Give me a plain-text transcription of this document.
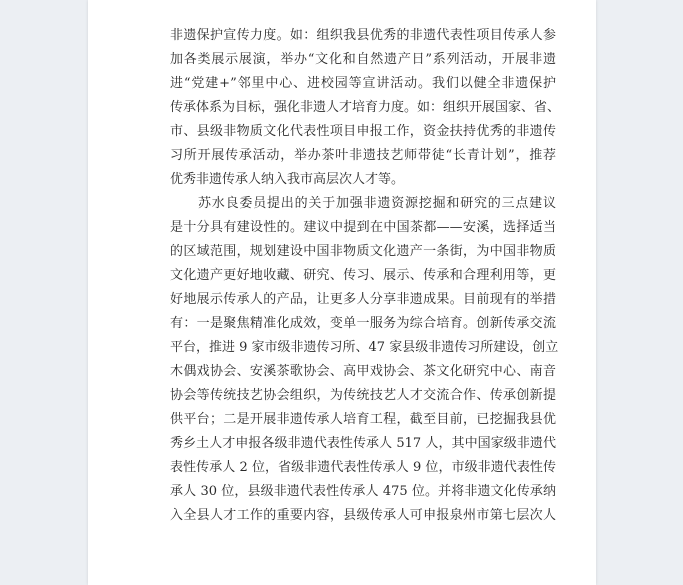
非遗保护宣传力度。如：组织我县优秀的非遗代表性项目传承人参
加各类展示展演，举办“文化和自然遗产日”系列活动，开展非遗
进“党建+”邻里中心、进校园等宣讲活动。我们以健全非遗保护
传承体系为目标，强化非遗人才培育力度。如：组织开展国家、省、
市、县级非物质文化代表性项目申报工作，资金扶持优秀的非遗传
习所开展传承活动，举办茶叶非遗技艺师带徒“长青计划”，推荐
优秀非遗传承人纳入我市高层次人才等。
苏水良委员提出的关于加强非遗资源挖掘和研究的三点建议
是十分具有建设性的。建议中提到在中国茶都——安溪，选择适当
的区域范围，规划建设中国非物质文化遗产一条街，为中国非物质
文化遗产更好地收藏、研究、传习、展示、传承和合理利用等，更
好地展示传承人的产品，让更多人分享非遗成果。目前现有的举措
有：一是聚焦精准化成效，变单一服务为综合培育。创新传承交流
平台，推进 9 家市级非遗传习所、47 家县级非遗传习所建设，创立
木偶戏协会、安溪茶歌协会、高甲戏协会、茶文化研究中心、南音
协会等传统技艺协会组织，为传统技艺人才交流合作、传承创新提
供平台；二是开展非遗传承人培育工程，截至目前，已挖掘我县优
秀乡土人才申报各级非遗代表性传承人 517 人，其中国家级非遗代
表性传承人 2 位，省级非遗代表性传承人 9 位，市级非遗代表性传
承人 30 位，县级非遗代表性传承人 475 位。并将非遗文化传承纳
入全县人才工作的重要内容，县级传承人可申报泉州市第七层次人
